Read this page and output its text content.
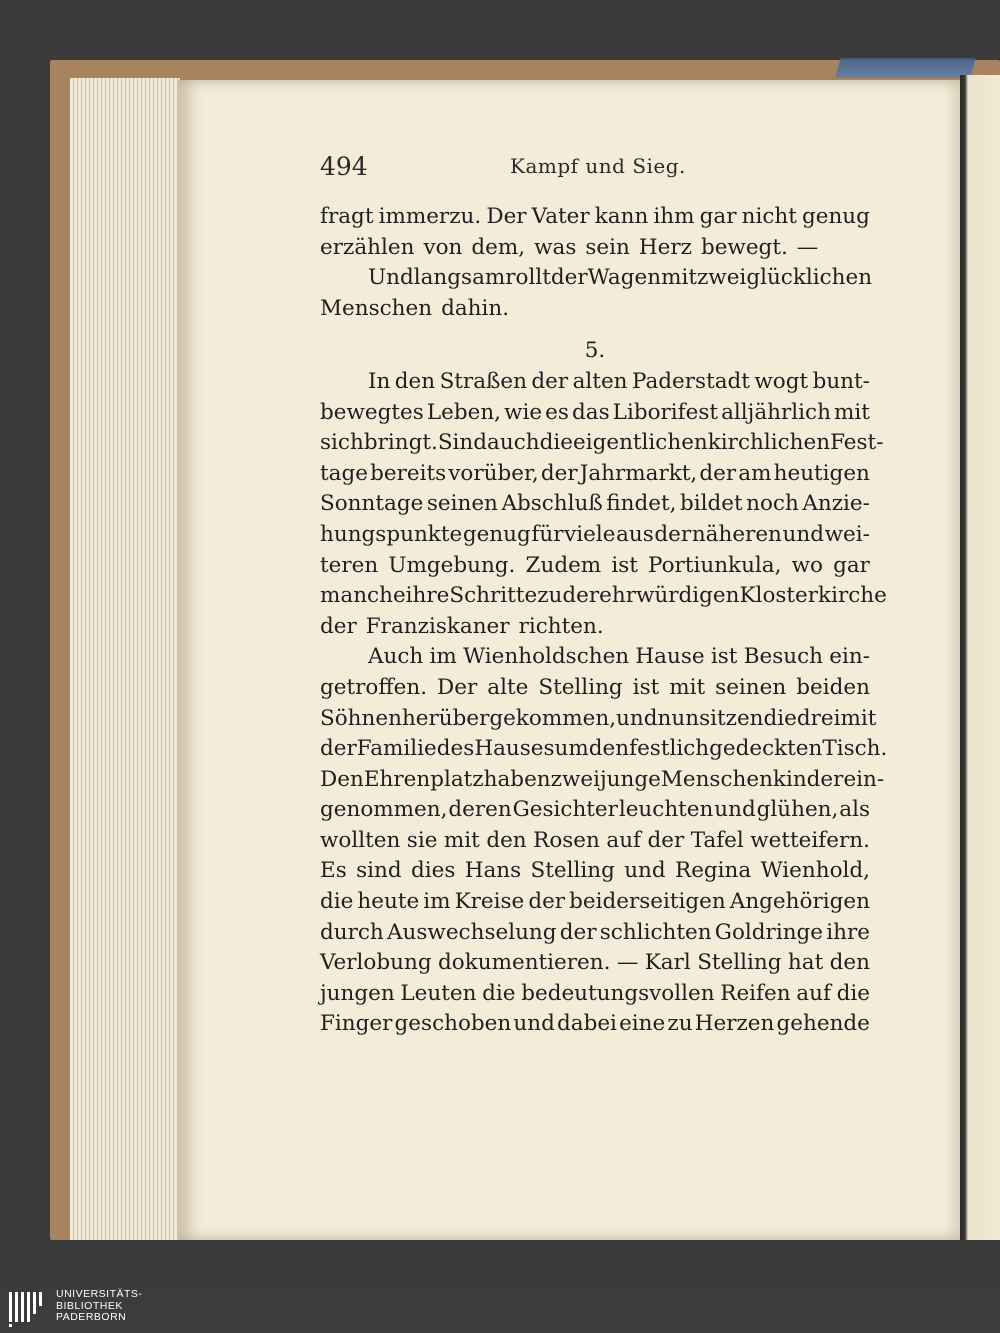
494	Kampf und Sieg.
fragt immerzu. Der Vater kann ihm gar nicht genug
erzählen von dem, was sein Herz bewegt. —
Und langsam rollt der Wagen mit zwei glücklichen
Menschen dahin.
5.
In den Straßen der alten Paderstadt wogt bunt-
bewegtes Leben, wie es das Liborifest alljährlich mit
sich bringt. Sind auch die eigentlichen kirchlichen Fest-
tage bereits vorüber, der Jahrmarkt, der am heutigen
Sonntage seinen Abschluß findet, bildet noch Anzie-
hungspunkte genug für viele aus der näheren und wei-
teren Umgebung. Zudem ist Portiunkula, wo gar
manche ihre Schritte zu der ehrwürdigen Klosterkirche
der Franziskaner richten.
Auch im Wienholdschen Hause ist Besuch ein-
getroffen. Der alte Stelling ist mit seinen beiden
Söhnen herübergekommen, und nun sitzen die drei mit
der Familie des Hauses um den festlich gedeckten Tisch.
Den Ehrenplatz haben zwei junge Menschenkinder ein-
genommen, deren Gesichter leuchten und glühen, als
wollten sie mit den Rosen auf der Tafel wetteifern.
Es sind dies Hans Stelling und Regina Wienhold,
die heute im Kreise der beiderseitigen Angehörigen
durch Auswechselung der schlichten Goldringe ihre
Verlobung dokumentieren. — Karl Stelling hat den
jungen Leuten die bedeutungsvollen Reifen auf die
Finger geschoben und dabei eine zu Herzen gehende
UNIVERSITÄTS-
BIBLIOTHEK
PADERBORN
